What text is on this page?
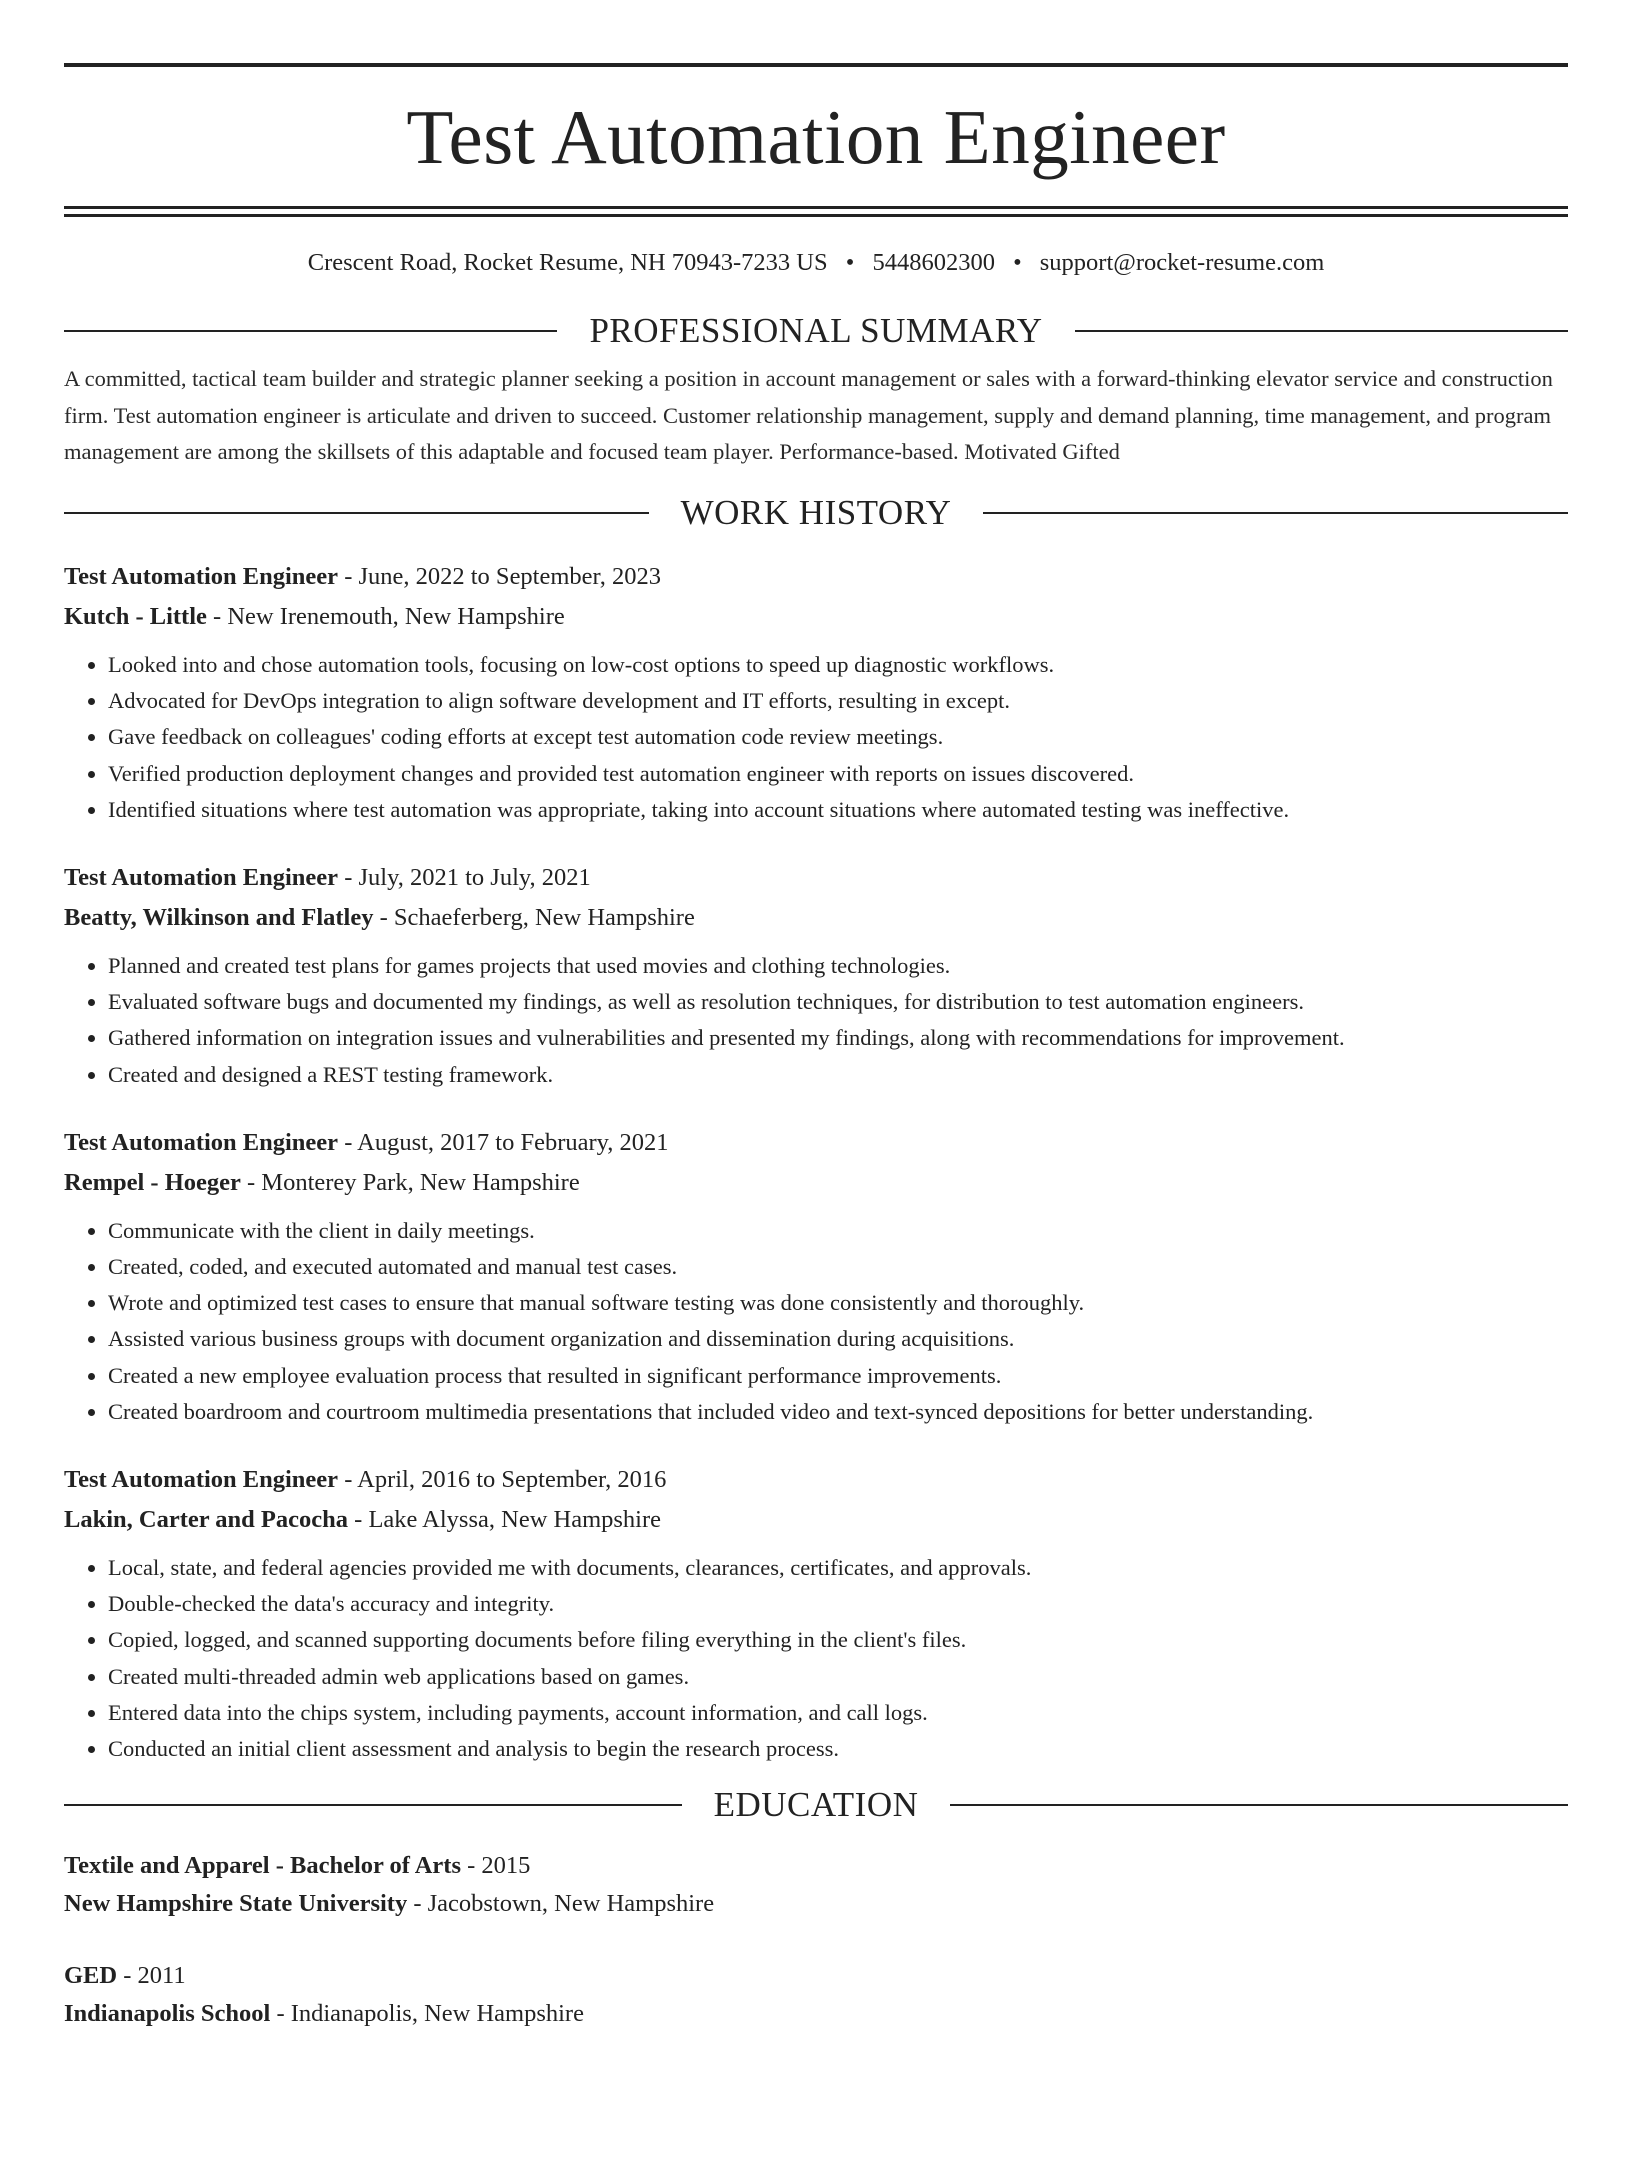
Test Automation Engineer
Crescent Road, Rocket Resume, NH 70943-7233 US • 5448602300 • support@rocket-resume.com
PROFESSIONAL SUMMARY

A committed, tactical team builder and strategic planner seeking a position in account management or sales with a forward-thinking elevator service and construction firm. Test automation engineer is articulate and driven to succeed. Customer relationship management, supply and demand planning, time management, and program management are among the skillsets of this adaptable and focused team player. Performance-based. Motivated Gifted

WORK HISTORY
Test Automation Engineer - June, 2022 to September, 2023
Kutch - Little - New Irenemouth, New Hampshire
• Looked into and chose automation tools, focusing on low-cost options to speed up diagnostic workflows.
• Advocated for DevOps integration to align software development and IT efforts, resulting in except.
• Gave feedback on colleagues' coding efforts at except test automation code review meetings.
• Verified production deployment changes and provided test automation engineer with reports on issues discovered.
• Identified situations where test automation was appropriate, taking into account situations where automated testing was ineffective.
Test Automation Engineer - July, 2021 to July, 2021
Beatty, Wilkinson and Flatley - Schaeferberg, New Hampshire
• Planned and created test plans for games projects that used movies and clothing technologies.
• Evaluated software bugs and documented my findings, as well as resolution techniques, for distribution to test automation engineers.
• Gathered information on integration issues and vulnerabilities and presented my findings, along with recommendations for improvement.
• Created and designed a REST testing framework.
Test Automation Engineer - August, 2017 to February, 2021
Rempel - Hoeger - Monterey Park, New Hampshire
• Communicate with the client in daily meetings.
• Created, coded, and executed automated and manual test cases.
• Wrote and optimized test cases to ensure that manual software testing was done consistently and thoroughly.
• Assisted various business groups with document organization and dissemination during acquisitions.
• Created a new employee evaluation process that resulted in significant performance improvements.
• Created boardroom and courtroom multimedia presentations that included video and text-synced depositions for better understanding.
Test Automation Engineer - April, 2016 to September, 2016
Lakin, Carter and Pacocha - Lake Alyssa, New Hampshire
• Local, state, and federal agencies provided me with documents, clearances, certificates, and approvals.
• Double-checked the data's accuracy and integrity.
• Copied, logged, and scanned supporting documents before filing everything in the client's files.
• Created multi-threaded admin web applications based on games.
• Entered data into the chips system, including payments, account information, and call logs.
• Conducted an initial client assessment and analysis to begin the research process.
EDUCATION
Textile and Apparel - Bachelor of Arts - 2015
New Hampshire State University - Jacobstown, New Hampshire
GED - 2011
Indianapolis School - Indianapolis, New Hampshire
